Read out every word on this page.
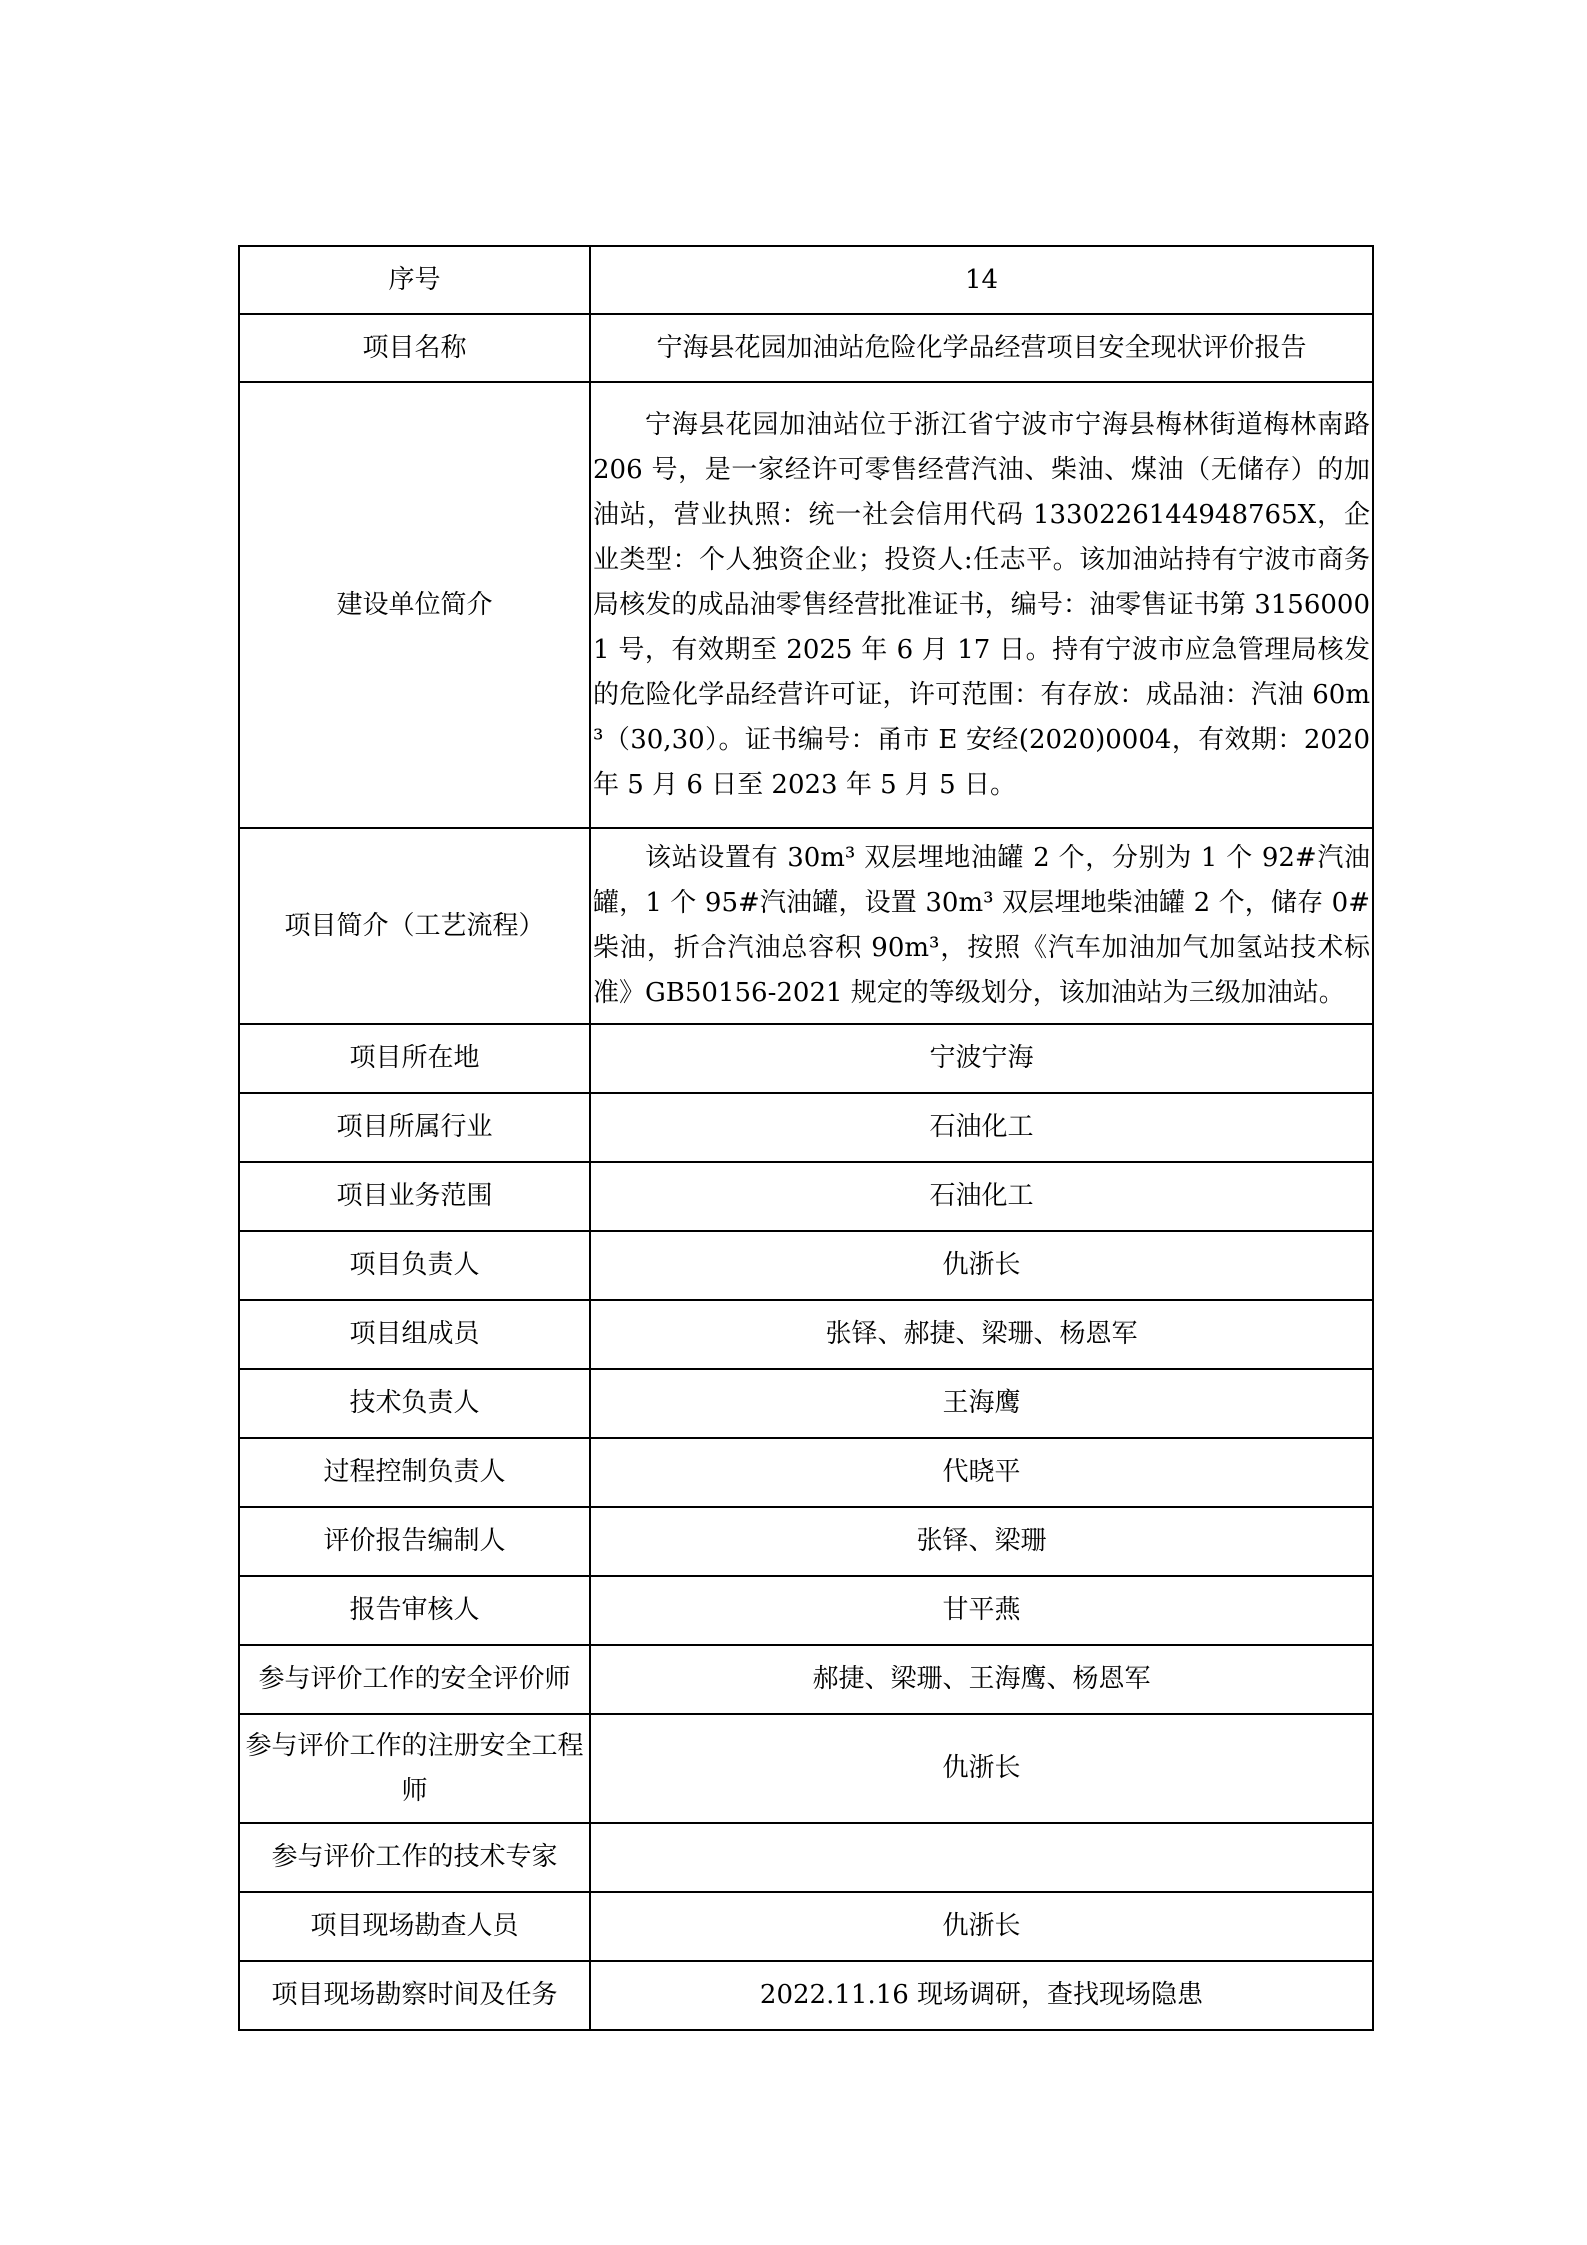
序号	14
项目名称	宁海县花园加油站危险化学品经营项目安全现状评价报告
建设单位简介	宁海县花园加油站位于浙江省宁波市宁海县梅林街道梅林南路 206 号，是一家经许可零售经营汽油、柴油、煤油（无储存）的加油站，营业执照：统一社会信用代码 1330226144948765X，企业类型：个人独资企业；投资人:任志平。该加油站持有宁波市商务局核发的成品油零售经营批准证书，编号：油零售证书第 31560001 号，有效期至 2025 年 6 月 17 日。持有宁波市应急管理局核发的危险化学品经营许可证，许可范围：有存放：成品油：汽油 60m³（30,30）。证书编号：甬市 E 安经(2020)0004，有效期：2020 年 5 月 6 日至 2023 年 5 月 5 日。
项目简介（工艺流程）	该站设置有 30m³ 双层埋地油罐 2 个，分别为 1 个 92#汽油罐，1 个 95#汽油罐，设置 30m³ 双层埋地柴油罐 2 个，储存 0#柴油，折合汽油总容积 90m³，按照《汽车加油加气加氢站技术标准》GB50156-2021 规定的等级划分，该加油站为三级加油站。
项目所在地	宁波宁海
项目所属行业	石油化工
项目业务范围	石油化工
项目负责人	仇浙长
项目组成员	张铎、郝捷、梁珊、杨恩军
技术负责人	王海鹰
过程控制负责人	代晓平
评价报告编制人	张铎、梁珊
报告审核人	甘平燕
参与评价工作的安全评价师	郝捷、梁珊、王海鹰、杨恩军
参与评价工作的注册安全工程师	仇浙长
参与评价工作的技术专家	
项目现场勘查人员	仇浙长
项目现场勘察时间及任务	2022.11.16 现场调研，查找现场隐患
